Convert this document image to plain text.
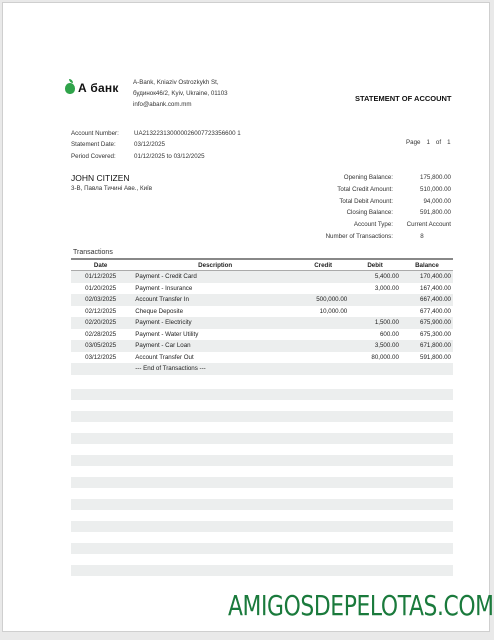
А банк A-Bank, Kniaziv Ostrozkykh St,
будинок46/2, Kyiv, Ukraine, 01103
info@abank.com.mm
STATEMENT OF ACCOUNT
Account Number:	UA213223130000026007723356600 1
Statement Date:	03/12/2025
Period Covered:	01/12/2025 to 03/12/2025
Page 1 of 1
JOHN CITIZEN
3-В, Павла Тичині Аве., Київ
Opening Balance:	175,800.00
Total Credit Amount:	510,000.00
Total Debit Amount:	94,000.00
Closing Balance:	591,800.00
Account Type:	Current Account
Number of Transactions:	8
Transactions
Date	Description	Credit	Debit	Balance
01/12/2025	Payment - Credit Card		5,400.00	170,400.00
01/20/2025	Payment - Insurance		3,000.00	167,400.00
02/03/2025	Account Transfer In	500,000.00		667,400.00
02/12/2025	Cheque Deposite	10,000.00		677,400.00
02/20/2025	Payment - Electricity		1,500.00	675,900.00
02/28/2025	Payment - Water Utility		600.00	675,300.00
03/05/2025	Payment - Car Loan		3,500.00	671,800.00
03/12/2025	Account Transfer Out		80,000.00	591,800.00
	--- End of Transactions ---			
AMIGOSDEPELOTAS.COM
